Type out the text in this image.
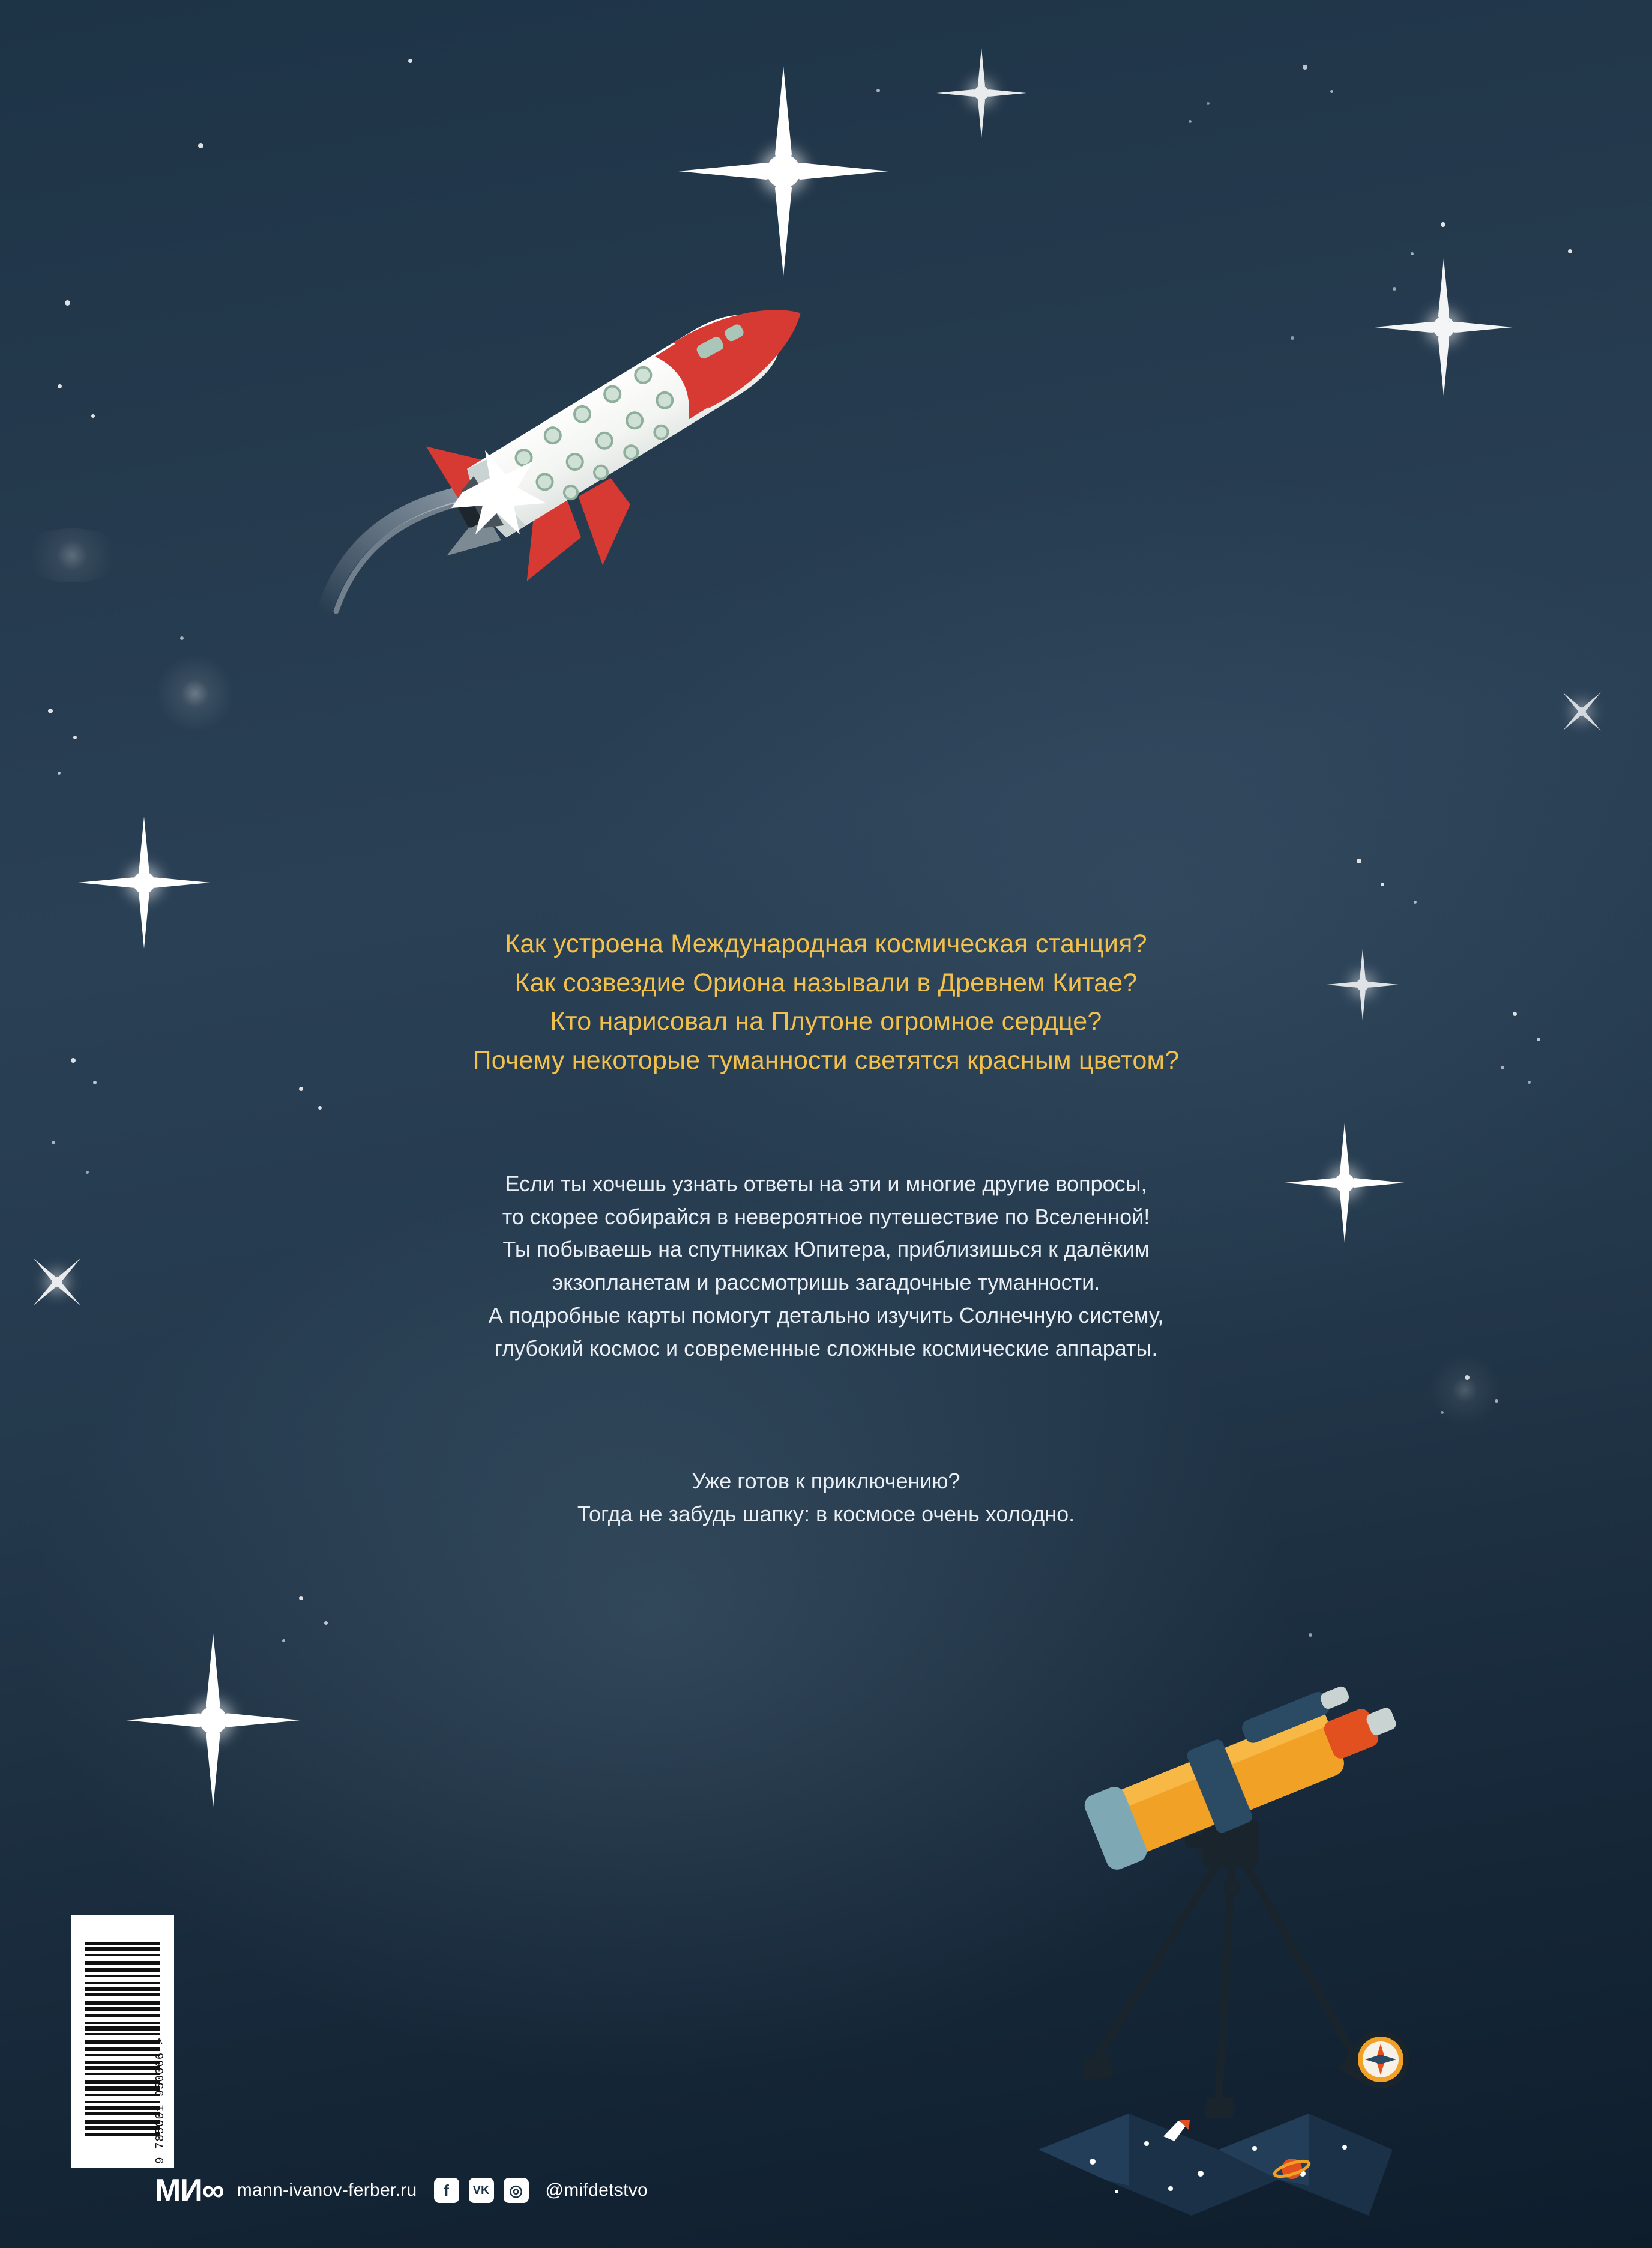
Как устроена Международная космическая станция?
Как созвездие Ориона называли в Древнем Китае?
Кто нарисовал на Плутоне огромное сердце?
Почему некоторые туманности светятся красным цветом?
Если ты хочешь узнать ответы на эти и многие другие вопросы,
то скорее собирайся в невероятное путешествие по Вселенной!
Ты побываешь на спутниках Юпитера, приблизишься к далёким
экзопланетам и рассмотришь загадочные туманности.
А подробные карты помогут детально изучить Солнечную систему,
глубокий космос и современные сложные космические аппараты.
Уже готов к приключению?
Тогда не забудь шапку: в космосе очень холодно.
9 785001 950066 >
МИ∞ mann-ivanov-ferber.ru	f	VK	◎	@mifdetstvo
